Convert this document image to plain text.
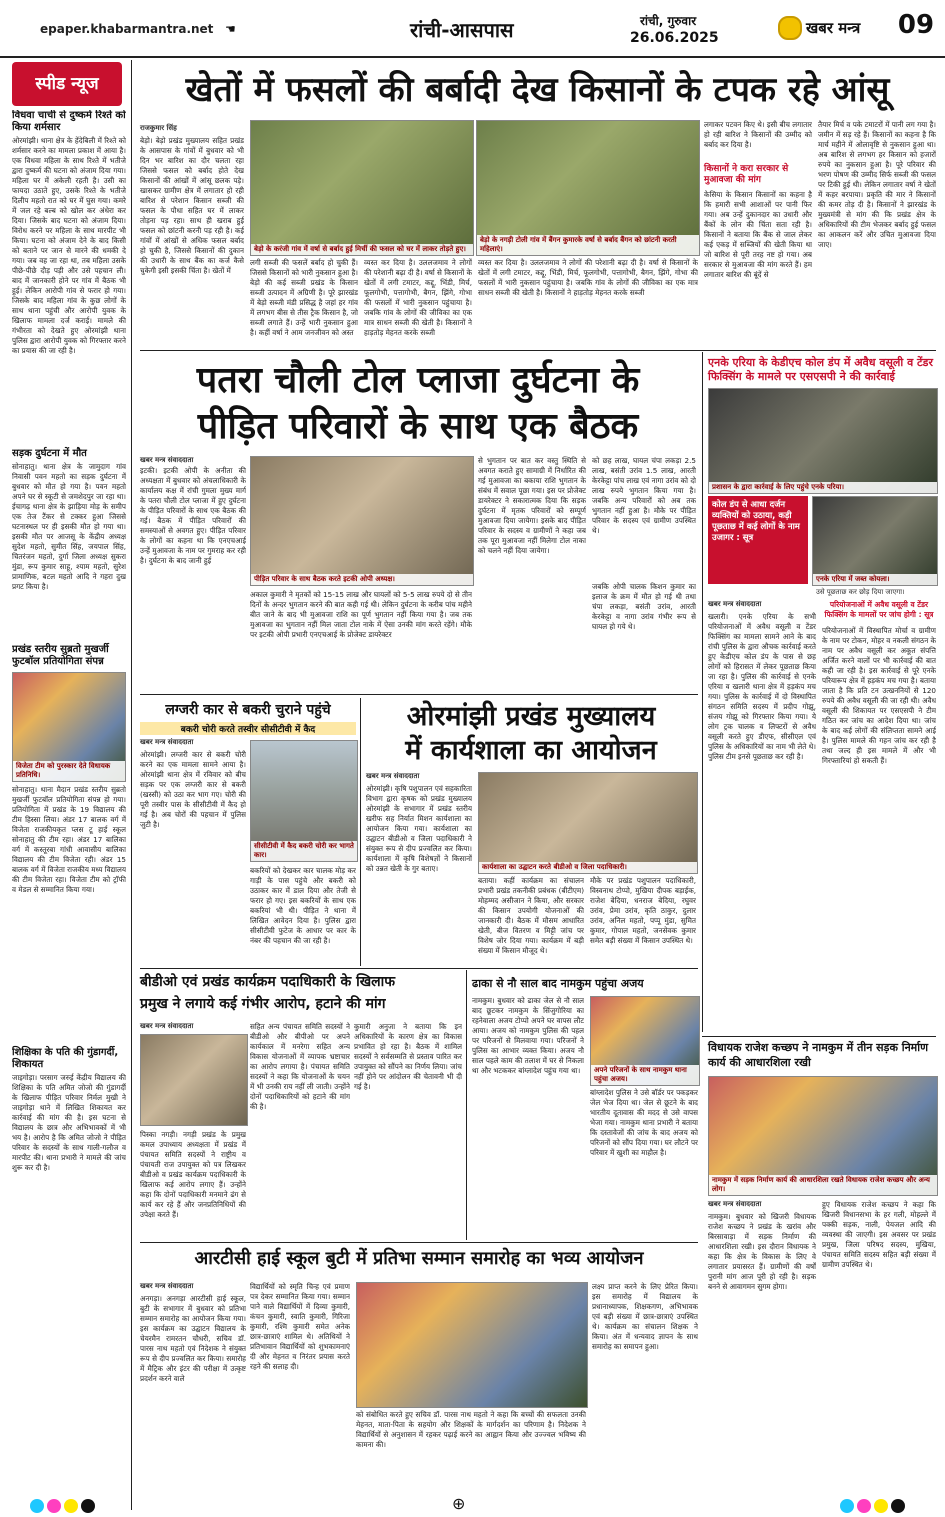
epaper.khabarmantra.net ☚	रांची-आसपास	रांची, गुरुवार
26.06.2025
खबर मन्त्र 09
स्पीड न्यूज
विधवा चाची से दुष्कर्म रिश्ते को किया शर्मसार
ओरमांझी। थाना क्षेत्र के हेंदेबिली में रिश्ते को शर्मसार करने का मामला प्रकाश में आया है। एक विधवा महिला के साथ रिश्ते में भतीजे द्वारा दुष्कर्म की घटना को अंजाम दिया गया। महिला घर में अकेली रहती है। उसी का फायदा उठाते हुए, उसके रिश्ते के भतीजे दिलीप महतो रात को घर में घुस गया। कमरे में जल रहे बल्ब को खोल कर अंधेरा कर दिया। जिसके बाद घटना को अंजाम दिया। विरोध करने पर महिला के साथ मारपीट भी किया। घटना को अंजाम देने के बाद किसी को बताने पर जान से मारने की धमकी दे गया। जब वह जा रहा था, तब महिला उसके पीछे-पीछे दौड़ पड़ी और उसे पहचान ली। बाद में जानकारी होने पर गांव में बैठक भी हुई। लेकिन आरोपी गांव से फरार हो गया। जिसके बाद महिला गांव के कुछ लोगों के साथ थाना पहुंची और आरोपी युवक के खिलाफ मामला दर्ज कराई। मामले की गंभीरता को देखते हुए ओरमांझी थाना पुलिस द्वारा आरोपी युवक को गिरफ्तार करने का प्रयास की जा रही है।
सड़क दुर्घटना में मौत
सोनाहातु। थाना क्षेत्र के जामुदाग गांव निवासी पवन महतो का सड़क दुर्घटना में बुधवार को मौत हो गया है। पवन महतो अपने घर से स्कूटी से जमशेदपुर जा रहा था। ईचागढ़ थाना क्षेत्र के झाड़िया मोड़ के समीप एक तेज टैंकर से टक्कर हुआ जिससे घटनास्थल पर ही इसकी मौत हो गया था। इसकी मौत पर आजसू के केंद्रीय अध्यक्ष सुदेश महतो, सुमीत सिंह, जयपाल सिंह, चितरंजन महतो, दुर्गा जिला अध्यक्ष सुकरा मुंडा, रूप कुमार साहू, श्याम महतो, सुरेश प्रामाणिक, बटल महतो आदि ने गहरा दुख प्रगट किया है।
प्रखंड स्तरीय सुब्रतो मुखर्जी फुटबॉल प्रतियोगिता संपन्न
विजेता टीम को पुरस्कार देते विधायक प्रतिनिधि।
सोनाहातु। थाना मैदान प्रखंड स्तरीय सुब्रतो मुखर्जी फुटबॉल प्रतियोगिता संपन्न हो गया। प्रतियोगिता में प्रखंड के 19 विद्यालय की टीम हिस्सा लिया। अंडर 17 बालक वर्ग में विजेता राजकीयकृत प्लस टू हाई स्कूल सोनाहातु की टीम रहा। अंडर 17 बालिका वर्ग में कस्तूरबा गांधी आवासीय बालिका विद्यालय की टीम विजेता रही। अंडर 15 बालक वर्ग में विजेता राजकीय मध्य विद्यालय की टीम विजेता रहा। विजेता टीम को ट्रॉफी व मेडल से सम्मानित किया गया।
शिक्षिका के पति की गुंडागर्दी, शिकायत
जाइगोड़ा। परसाग जरुई केंद्रीय विद्यालय की शिक्षिका के पति अमित जोजो की गुंडागर्दी के खिलाफ पीड़ित परिवार निर्मल मुखी ने जाइगोड़ा थाने में लिखित शिकायत कर कार्रवाई की मांग की है। इस घटना से विद्यालय के छात्र और अभिभावकों में भी भय है। आरोप है कि अमित जोजो ने पीड़ित परिवार के सदस्यों के साथ गाली-गलौज व मारपीट की। थाना प्रभारी ने मामले की जांच शुरू कर दी है।
खेतों में फसलों की बर्बादी देख किसानों के टपक रहे आंसू
राजकुमार सिंह
बेड़ो। बेड़ो प्रखंड मुख्यालय सहित प्रखंड के आसपास के गांवों में बुधवार को भी दिन भर बारिश का दौर चलता रहा जिससे फसल को बर्बाद होते देख किसानों की आंखों में आंसू छलक पड़े। खासकर ग्रामीण क्षेत्र में लगातार हो रही बारिश से परेशान किसान सब्जी की फसल के पौधा सहित घर में लाकर तोड़ना पड़ रहा। साथ ही खराब हुई फसल को छांटनी करनी पड़ रही है। कई गांवों में आंखों से अधिक फसल बर्बाद हो चुकी है, जिससे किसानों की दुकान की उधारी के साथ बैंक का कर्ज कैसे चुकेगी इसी इसकी चिंता है। खेतों में
बेड़ो के करंजी गांव में वर्षा से बर्बाद हुई मिर्ची की फसल को घर में लाकर तोड़ते हुए।
बेड़ो के नगड़ी टोली गांव में बैंगन कुमारके वर्षा से बर्बाद बैंगन को छांटनी करती महिलाएं।
लगी सब्जी की फसलें बर्बाद हो चुकी हैं। जिससे किसानों को भारी नुकसान हुआ है। बेड़ो की कई सब्जी प्रखंड के किसान सब्जी उत्पादन में अग्रिणी है। पूरे झारखंड में बेड़ो सब्जी मंडी प्रसिद्ध है जहां हर गांव में लगभग बीस से तीस ट्रैक किसान है, जो सब्जी लगाते हैं। उन्हें भारी नुकसान हुआ है। कहीं वर्षा ने आम जनजीवन को अस्त
व्यस्त कर दिया है। उललजमाव ने लोगों की परेशानी बढ़ा दी है। वर्षा से किसानों के खेतों में लगी टमाटर, कद्दू, भिंडी, मिर्च, फूलगोभी, पत्तागोभी, बैगन, झिंगे, गोभा की फसलों में भारी नुकसान पहुंचाया है। जबकि गांव के लोगों की जीविका का एक मात्र साधन सब्जी की खेती है। किसानों ने हाड़तोड़ मेहनत करके सब्जी
व्यस्त कर दिया है। उललजमाव ने लोगों की परेशानी बढ़ा दी है। वर्षा से किसानों के खेतों में लगी टमाटर, कद्दू, भिंडी, मिर्च, फूलगोभी, पत्तागोभी, बैगन, झिंगे, गोभा की फसलों में भारी नुकसान पहुंचाया है। जबकि गांव के लोगों की जीविका का एक मात्र साधन सब्जी की खेती है। किसानों ने हाड़तोड़ मेहनत करके सब्जी
लगाकर पटवन किए थे। इसी बीच लगातार हो रही बारिश ने किसानों की उम्मीद को बर्बाद कर दिया है।
किसानों ने करा सरकार से मुआवजा की मांग
केसिया के किसान किसानों का कहना है कि हमारी सभी आशाओं पर पानी फिर गया। अब उन्हें दुकानदार का उधारी और बैंकों के लोन की चिंता सता रही है। किसानों ने बताया कि बैंक से जाल लेकर कई एकड़ में सब्जियों की खेती किया था जो बारिश से पूरी तरह नष्ट हो गया। अब सरकार से मुआवजा की मांग करते हैं। हम लगातार बारिश की बूंदें से
तैयार मिर्च व पके टमाटरों में पानी लग गया है। जमीन में सड़ रहे हैं। किसानों का कहना है कि मार्च महीने में ओलावृष्टि से नुकसान हुआ था। अब बारिश से लगभग हर किसान को हजारों रुपये का नुकसान हुआ है। पूरे परिवार की भरण पोषण की उम्मीद सिर्फ सब्जी की फसल पर टिकी हुई थी। लेकिन लगातार वर्षा ने खेतों में कहर बरपाया। प्रकृति की मार ने किसानों की कमर तोड़ दी है। किसानों ने झारखंड के मुख्यमंत्री से मांग की कि प्रखंड क्षेत्र के अधिकारियों की टीम भेजकर बर्बाद हुई फसल का आकलन करें और उचित मुआवजा दिया जाए।
पतरा चौली टोल प्लाजा दुर्घटना के
पीड़ित परिवारों के साथ एक बैठक
खबर मन्त्र संवाददाता
इटकी। इटकी ओपी के अनीता की अध्यक्षता में बुधवार को अंचलाधिकारी के कार्यालय कक्ष में रांची गुमला मुख्य मार्ग के पतरा चौली टोल प्लाजा में हुए दुर्घटना के पीड़ित परिवारों के साथ एक बैठक की गई। बैठक में पीड़ित परिवारों की समस्याओं से अवगत हुए। पीड़ित परिवार के लोगों का कहना था कि एनएचआई उन्हें मुआवजा के नाम पर गुमराह कर रही है। दुर्घटना के बाद जानी हुई
पीड़ित परिवार के साथ बैठक करते इटकी ओपी अध्यक्ष।
अकाल कुमारी ने मृतकों को 15-15 लाख और घायलों को 5-5 लाख रुपये दो से तीन दिनों के अन्दर भुगतान करने की बात कही गई थी। लेकिन दुर्घटना के करीब पांच महीने बीत जाने के बाद भी मुआवजा राशि का पूर्ण भुगतान नहीं किया गया है। जब तक मुआवजा का भुगतान नहीं मिल जाता टोल नाके में ऐसा उनकी मांग करते रहेंगे। मौके पर इटकी ओपी प्रभारी एनएचआई के प्रोजेक्ट डायरेक्टर
से भुगतान पर बात कर वस्तु स्थिति से अवगत कराते हुए सामाग्री में निर्धारित की गई मुआवजा का बकाया राशि भुगतान के संबंध में सवाल पूछा गया। इस पर प्रोजेक्ट डायरेक्टर ने सकारात्मक दिया कि सड़क दुर्घटना में मृतक परिवारों को सम्पूर्ण मुआवजा दिया जायेगा। इसके बाद पीड़ित परिवार के सदस्य व ग्रामीणों ने कहा जब तक पूरा मुआवजा नहीं मिलेगा टोल नाका को चलने नहीं दिया जायेगा।
को छह लाख, घायल चंपा लकड़ा 2.5 लाख, बसंती उरांव 1.5 लाख, आरती केरकेट्टा पांच लाख एवं नागा उरांव को दो लाख रुपये भुगतान किया गया है। जबकि अन्य परिवारों को अब तक भुगतान नहीं हुआ है। मौके पर पीड़ित परिवार के सदस्य एवं ग्रामीण उपस्थित थे।
जबकि ओपी चालक किशन कुमार का इलाज के क्रम में मौत हो गई थी तथा चंपा लकड़ा, बसंती उरांव, आरती केरकेट्टा व नागा उरांव गंभीर रूप से घायल हो गये थे।
एनके एरिया के केडीएच कोल डंप में अवैध वसूली व टेंडर फिक्सिंग के मामले पर एसएसपी ने की कार्रवाई
प्रशासन के द्वारा कार्रवाई के लिए पहुंचे एनके परिया।
कोल डंप से आधा दर्जन व्यक्तियों को उठाया, कड़ी पूछताछ में कई लोगों के नाम उजागर : सूत्र
एनके एरिया में जब्त कोयला।
उसे पूछताछ कर छोड़ दिया जाएगा।
खबर मन्त्र संवाददाता
खलारी। एनके एरिया के सभी परियोजनाओं में अवैध वसूली व टेंडर फिक्सिंग का मामला सामने आने के बाद रांची पुलिस के द्वारा औचक कार्रवाई करते हुए केडीएच कोल डंप के पास से छह लोगों को हिरासत में लेकर पूछताछ किया जा रहा है। पुलिस की कार्रवाई से एनके एरिया व खलारी थाना क्षेत्र में हड़कंप मच गया। पुलिस के कार्रवाई में दो विस्थापित संगठन समिति सदस्य में प्रदीप गोझू, संजय गोझू को गिरफ्तार किया गया। ये लोग ट्रक चालक व लिफ्टरों से अवैध वसूली करते हुए डीएफ, सीसीएल एवं पुलिस के अधिकारियों का नाम भी लेते थे। पुलिस टीम इनसे पूछताछ कर रही है।
परियोजनाओं में अवैध वसूली व टेंडर फिक्सिंग के मामलों पर जांच होगी : सूत्र
परियोजनाओं में विस्थापित मोर्चा व ग्रामीण के नाम पर टोकन, मोहर व नकली संगठन के नाम पर अवैध वसूली कर अकूत संपत्ति अर्जित करने वालों पर भी कार्रवाई की बात कही जा रही है। इस कार्रवाई से पूरे एनके परियारूप क्षेत्र में हड़कंप मच गया है। बताया जाता है कि प्रति टन उत्खननियों से 120 रुपये की अवैध वसूली की जा रही थी। अवैध वसूली की शिकायत पर एसएसपी ने टीम गठित कर जांच का आदेश दिया था। जांच के बाद कई लोगों की संलिप्तता सामने आई है। पुलिस मामले की गहन जांच कर रही है तथा जल्द ही इस मामले में और भी गिरफ्तारियां हो सकती हैं।
लग्जरी कार से बकरी चुराने पहुंचे
बकरी चोरी करते तस्वीर सीसीटीवी में कैद
खबर मन्त्र संवाददाता
ओरमांझी। लग्जरी कार से बकरी चोरी करने का एक मामला सामने आया है। ओरमांझी थाना क्षेत्र में रविवार को बीच सड़क पर एक लग्जरी कार से बकरी (खस्सी) को उठा कर भाग गए। चोरी की पूरी तस्वीर पास के सीसीटीवी में कैद हो गई है। अब चोरों की पहचान में पुलिस जुटी है।
सीसीटीवी में कैद बकरी चोरी कर भागते कार।
बकरियों को देखकर कार चालक मोड़ कर गाड़ी के पास पहुंचे और बकरी को उठाकर कार में डाल दिया और तेजी से फरार हो गए। इस बकरियों के साथ एक बकरियां भी थी। पीड़ित ने थाना में लिखित आवेदन दिया है। पुलिस द्वारा सीसीटीवी फुटेज के आधार पर कार के नंबर की पहचान की जा रही है।
ओरमांझी प्रखंड मुख्यालय
में कार्यशाला का आयोजन
खबर मन्त्र संवाददाता
ओरमांझी। कृषि पशुपालन एवं सहकारिता विभाग द्वारा कृषक को प्रखंड मुख्यालय ओरमांझी के सभागार में प्रखंड स्तरीय खरीफ सह निर्यात मिशन कार्यशाला का आयोजन किया गया। कार्यशाला का उद्घाटन बीडीओ व जिला पदाधिकारी ने संयुक्त रूप से दीप प्रज्वलित कर किया। कार्यशाला में कृषि विशेषज्ञों ने किसानों को उन्नत खेती के गुर बताए।	कार्यशाला का उद्घाटन करते बीडीओ व जिला पदाधिकारी।
बताया। कहीं कार्यक्रम का संचालन प्रभारी प्रखंड तकनीकी प्रबंधक (बीटीएम) मोहम्मद असीजान ने किया, और सरकार की किसान उपयोगी योजनाओं की जानकारी दी। बैठक में मौसम आधारित खेती, बीज वितरण व मिट्टी जांच पर विशेष जोर दिया गया। कार्यक्रम में बड़ी संख्या में किसान मौजूद थे।
मौके पर प्रखंड पशुपालन पदाधिकारी, विस्वनाथ टोप्पो, मुखिया दीपक बड़ाईक, राजेश बेदिया, धनराज बेदिया, रघुवर उरांव, प्रेमा उरांव, कृति ठाकुर, दुलार उरांव, अनिल महतो, पप्पू मुंडा, सुमित कुमार, गोपाल महतो, जनसेवक कुमार समेत बड़ी संख्या में किसान उपस्थित थे।
बीडीओ एवं प्रखंड कार्यक्रम पदाधिकारी के खिलाफ
प्रमुख ने लगाये कई गंभीर आरोप, हटाने की मांग
खबर मन्त्र संवाददाता
पिस्का नगड़ी। नगड़ी प्रखंड के प्रमुख कमल उपाध्याय अध्यक्षता में प्रखंड में पंचायत समिति सदस्यों ने राष्ट्रीय व पंचायती राज उपायुक्त को पत्र लिखकर बीडीओ व प्रखंड कार्यक्रम पदाधिकारी के खिलाफ कई आरोप लगाए हैं। उन्होंने कहा कि दोनों पदाधिकारी मनमाने ढंग से कार्य कर रहे हैं और जनप्रतिनिधियों की उपेक्षा करते हैं।
सहित अन्य पंचायत समिति सदस्यों ने बीडीओ और बीपीओ पर अपने कार्यकाल में मनरेगा सहित अन्य विकास योजनाओं में व्यापक भ्रष्टाचार का आरोप लगाया है। पंचायत समिति सदस्यों ने कहा कि योजनाओं के चयन में भी उनकी राय नहीं ली जाती। उन्होंने दोनों पदाधिकारियों को हटाने की मांग की है।
कुमारी अनुजा ने बताया कि इन अधिकारियों के कारण क्षेत्र का विकास प्रभावित हो रहा है। बैठक में शामिल सदस्यों ने सर्वसम्मति से प्रस्ताव पारित कर उपायुक्त को सौंपने का निर्णय लिया। जांच नहीं होने पर आंदोलन की चेतावनी भी दी गई है।
ढाका से नौ साल बाद नामकुम पहुंचा अजय
नामकुम। बुधवार को ढाका जेल से नौ साल बाद छूटकर नामकुम के सिंजुगोरिया का रहनेवाला अजय टोप्पो अपने घर वापस लौट आया। अजय को नामकुम पुलिस की पहल पर परिजनों से मिलवाया गया। परिजनों ने पुलिस का आभार व्यक्त किया। अजय नौ साल पहले काम की तलाश में घर से निकला था और भटककर बांग्लादेश पहुंच गया था।	अपने परिजनों के साथ नामकुम थाना पहुंचा अजय।
बांग्लादेश पुलिस ने उसे बॉर्डर पर पकड़कर जेल भेज दिया था। जेल से छूटने के बाद भारतीय दूतावास की मदद से उसे वापस भेजा गया। नामकुम थाना प्रभारी ने बताया कि दस्तावेजों की जांच के बाद अजय को परिजनों को सौंप दिया गया। घर लौटने पर परिवार में खुशी का माहौल है।
विधायक राजेश कच्छप ने नामकुम में तीन सड़क निर्माण कार्य की आधारशिला रखी
नामकुम में सड़क निर्माण कार्य की आधारशिला रखते विधायक राजेश कच्छप और अन्य लोग।
खबर मन्त्र संवाददाता
नामकुम। बुधवार को खिजरी विधायक राजेश कच्छप ने प्रखंड के खरांव और बिरसावाड़ा में सड़क निर्माण की आधारशिला रखी। इस दौरान विधायक ने कहा कि क्षेत्र के विकास के लिए वे लगातार प्रयासरत हैं। ग्रामीणों की वर्षों पुरानी मांग आज पूरी हो रही है। सड़क बनने से आवागमन सुगम होगा।
हुए विधायक राजेश कच्छप ने कहा कि खिजरी विधानसभा के हर गली, मोहल्ले में पक्की सड़क, नाली, पेयजल आदि की व्यवस्था की जाएगी। इस अवसर पर प्रखंड प्रमुख, जिला परिषद सदस्य, मुखिया, पंचायत समिति सदस्य सहित बड़ी संख्या में ग्रामीण उपस्थित थे।
आरटीसी हाई स्कूल बुटी में प्रतिभा सम्मान समारोह का भव्य आयोजन
खबर मन्त्र संवाददाता
अनगड़ा। अनगड़ा आरटीसी हाई स्कूल, बुटी के सभागार में बुधवार को प्रतिभा सम्मान समारोह का आयोजन किया गया। इस कार्यक्रम का उद्घाटन विद्यालय के चेयरमैन रामरतन चौधरी, सचिव डॉ. पारस नाथ महतो एवं निदेशक ने संयुक्त रूप से दीप प्रज्वलित कर किया। समारोह में मैट्रिक और इंटर की परीक्षा में उत्कृष्ट प्रदर्शन करने वाले
विद्यार्थियों को स्मृति चिन्ह एवं प्रमाण पत्र देकर सम्मानित किया गया। सम्मान पाने वाले विद्यार्थियों में दिव्या कुमारी, कंचन कुमारी, स्वाति कुमारी, गिरिजा कुमारी, रश्मि कुमारी समेत अनेक छात्र-छात्राएं शामिल थे। अतिथियों ने प्रतिभावान विद्यार्थियों को शुभकामनाएं दी और मेहनत व निरंतर प्रयास करते रहने की सलाह दी।
को संबोधित करते हुए सचिव डॉ. पारस नाथ महतो ने कहा कि बच्चों की सफलता उनकी मेहनत, माता-पिता के सहयोग और शिक्षकों के मार्गदर्शन का परिणाम है। निदेशक ने विद्यार्थियों से अनुशासन में रहकर पढ़ाई करने का आह्वान किया और उज्ज्वल भविष्य की कामना की।
लक्ष्य प्राप्त करने के लिए प्रेरित किया। इस समारोह में विद्यालय के प्रधानाध्यापक, शिक्षकगण, अभिभावक एवं बड़ी संख्या में छात्र-छात्राएं उपस्थित थे। कार्यक्रम का संचालन शिक्षक ने किया। अंत में धन्यवाद ज्ञापन के साथ समारोह का समापन हुआ।
⊕
